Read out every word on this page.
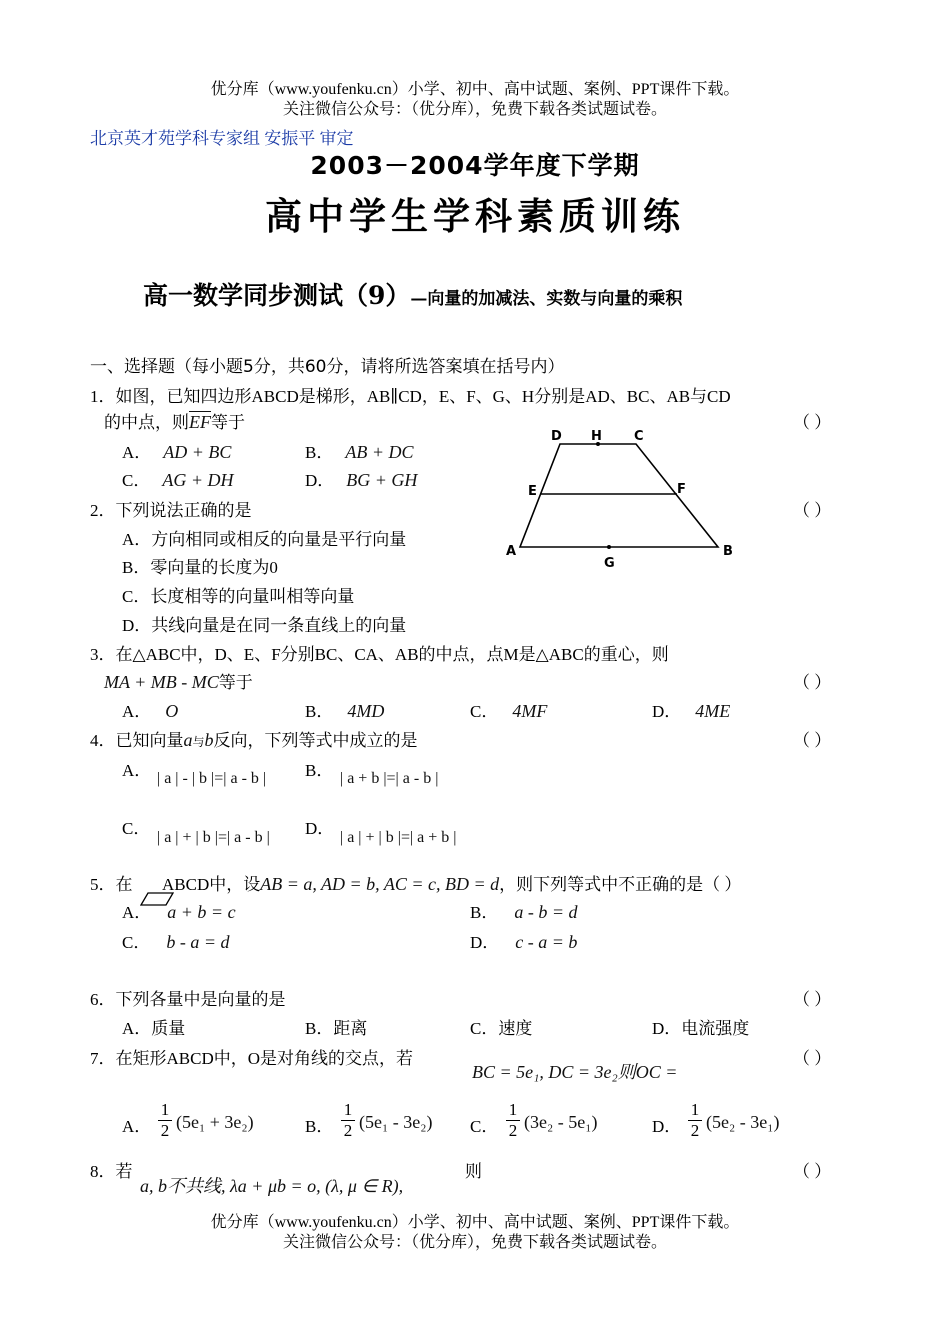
优分库（www.youfenku.cn）小学、初中、高中试题、案例、PPT课件下载。
关注微信公众号：（优分库），免费下载各类试题试卷。
北京英才苑学科专家组 安振平 审定
2003－2004学年度下学期
高中学生学科素质训练
高一数学同步测试（9）—向量的加减法、实数与向量的乘积
一、选择题（每小题5分，共60分，请将所选答案填在括号内）
1．如图，已知四边形ABCD是梯形，AB∥CD，E、F、G、H分别是AD、BC、AB与CD
的中点，则$\overline{EF}$等于	（ ）
A． AD + BC	B． AB + DC
C． AG + DH	D． BG + GH
D H C
E	F
A
G
B
2．下列说法正确的是	（ ）
A．方向相同或相反的向量是平行向量
B．零向量的长度为0
C．长度相等的向量叫相等向量
D．共线向量是在同一条直线上的向量
3．在△ABC中，D、E、F分别BC、CA、AB的中点，点M是△ABC的重心，则
MA + MB - MC等于	（ ）
A． O	B． 4MD	C． 4MF	D． 4ME
4．已知向量a与b反向，下列等式中成立的是	（ ）
A． | a | - | b |=| a - b | B． | a + b |=| a - b |
C． | a | + | b |=| a - b | D． | a | + | b |=| a + b |
5．在 ABCD中，设AB = a, AD = b, AC = c, BD = d，则下列等式中不正确的是（ ）
A． a + b = c	B． a - b = d
C． b - a = d	D． c - a = b
6．下列各量中是向量的是	（ ）
A．质量	B．距离	C．速度	D．电流强度
7．在矩形ABCD中，O是对角线的交点，若
BC = 5e₁, DC = 3e₂则OC =
（ ）
A． $\frac{1}{2} (5e_1 + 3e_2)$	B． $\frac{1}{2} (5e_1 - 3e_2)$ C． $\frac{1}{2} (3e_2 - 5e_1)$	D． $\frac{1}{2} (5e_2 - 3e_1)$
8．若
a, b不共线, λa + μb = o, (λ, μ ∈ R),
则	（ ）
优分库（www.youfenku.cn）小学、初中、高中试题、案例、PPT课件下载。
关注微信公众号：（优分库），免费下载各类试题试卷。
